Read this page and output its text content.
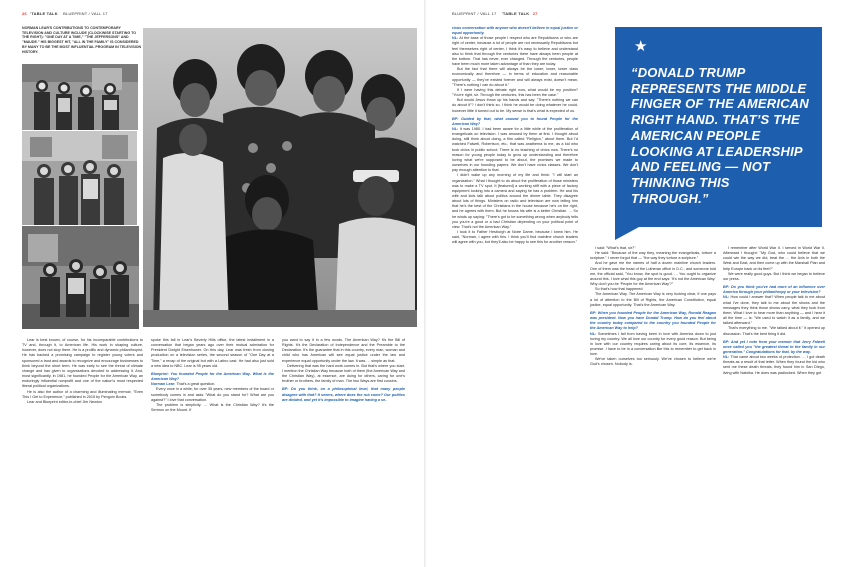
26 'TABLE TALK BLUEPRINT / VALL 17	BLUEPRINT / VALL 17 'TABLE TALK 27

NORMAN LEAR'S CONTRIBUTIONS TO CONTEMPORARY TELEVISION AND CULTURE INCLUDE (CLOCKWISE STARTING TO THE RIGHT): "ONE DAY AT A TIME," "THE JEFFERSONS" AND "MAUDE." HIS BIGGEST HIT, "ALL IN THE FAMILY" IS CONSIDERED BY MANY TO BE THE MOST INFLUENTIAL PROGRAM IN TELEVISION HISTORY.

Lear is best known, of course, for his incomparable contributions to TV and, through it, to American life. His work in shaping culture, however, does not stop there. He is a prolific and dynamic philanthropist. He has backed a promising campaign to register young voters and sponsored a trust and awards to recognize and encourage businesses to think beyond the short term. He was early to see the threat of climate change and has given to organizations devoted to addressing it. And, most significantly, in 1981, he founded People for the American Way, an enduringly influential nonprofit and one of the nation's most respected liberal political organizations.

He is also the author of a charming and illuminating memoir, "Even This I Get to Experience," published in 2015 by Penguin Books.

Lear and Blueprint editor-in-chief Jim Newton

spoke this fall in Lear's Beverly Hills office, the latest installment in a conversation that began years ago over their mutual admiration for President Dwight Eisenhower. On this day, Lear was fresh from closing production on a television series, the second season of "One Day at a Time," a recap of the original but with a Latino cast. He had also just sold a new idea to NBC. Lear is 95 years old.

Blueprint: You founded People for the American Way. What is the American Way?

Norman Lear: That's a great question.

Every once in a while, for over 35 years, new members of the board or somebody comes in and asks "What do you stand for? What are you against?" I love that conversation.

The problem is simplicity. … What is the Christian Way? It's the Sermon on the Mount. If

you want to say it in a few words. The American Way? It's the Bill of Rights. It's the Declaration of Independence and the Preamble to the Declaration. It's the guarantee that in this country, every man, woman and child who has American will see equal justice under the law and experience equal opportunity under the law. It was … simple as that.

Delivering that was the hard work comes in. But that's where you start. I mention the Christian Way because both of them (the American Way and the Christian Way), at essence, are doing for others, caring for one's brother or brothers, the family of man. The two Ways are first cousins.

BP: Do you think, on a philosophical level, that many people disagree with that? It seems, where does the rub come? Our politics are divided, and yet it's impossible to imagine having a se-

rious conversation with anyone who doesn't believe in equal justice or equal opportunity.

NL: At the base of those people I respect who are Republicans or who are right of center, because a lot of people are not necessarily Republicans but feel themselves right of center, I think it's easy to believe and understand also to think that through the centuries there have always been people at the bottom. That has never, ever changed. Through the centuries, people have been much more taken advantage of than they are today.

But the fact that there will always be the lower, lower, lower class economically and therefore — in terms of education and reasonable opportunity — they've existed forever and will always exist, doesn't mean, "There's nothing I can do about it."

If I were having this debate right now, what would be my position? "You're right, sir. Through the centuries, this has been the case."

But would Jesus throw up his hands and say: "There's nothing we can do about it"? I don't think so. I think he would be doing whatever he could, however little it turned out to be. My sense is that's what is expected of us.

BP: Guided by that, what caused you to found People for the American Way?

NL: It was 1980. I had been aware for a little while of the proliferation of evangelicals on television. I was amused by them at first. I thought about doing, still think about doing, a film called "Religion," about them. But I'd watched Falwell, Robertson, etc., that was anathema to me, as a kid who took civics in public school. There is no teaching of civics now. There's no reason for young people today to grow up understanding and therefore loving what we're supposed to be about, the promises we made to ourselves in our founding papers. We don't have civics classes. We don't pay enough attention to that.

I didn't wake up any morning of my life and think: "I will start an organization." What I thought to do about the proliferation of those ministers was to make a TV spot. It [featured] a working stiff with a piece of factory equipment looking into a camera and saying he has a problem. He and his wife and kids talk about politics around the dinner table. They disagree about lots of things. Ministers on radio and television are now telling him that he's the best of the Christians in the house because he's on the right, and he agrees with them. But he knows his wife is a better Christian. … So he winds up saying: "There's got to be something wrong when anybody tells you you're a good or a bad Christian depending on your political point of view. That's not the American Way."

I took it to Father Hesburgh at Notre Dame, because I knew him. He said, "Norman, I agree with this. I think you'll find mainline church leaders will agree with you, but they'll also be happy to see this for another reason."

I said: "What's that, sir?"

He said: "Because of the way they, meaning the evangelicals, torture a scripture." I never forgot that — "the way they torture a scripture."

And he gave me the names of half a dozen mainline church leaders. One of them was the head of the Lutheran office in D.C., and someone told me, the official said, "You know, the spot is good. … You ought to organize around this. I love what this guy at the end says: 'It's not the American Way.' Why don't you be 'People for the American Way'?"

So that's how that happened.

The American Way. The American Way is very fucking clear, if one pays a lot of attention to the Bill of Rights, the American Constitution, equal justice, equal opportunity. That's the American Way.

BP: When you founded People for the American Way, Ronald Reagan was president. Now you have Donald Trump. How do you feel about the country today compared to the country you founded People for the American Way to help?

NL: Sometimes I fall from having been in love with America down to just loving my country. We all love our country for every good reason. But being in love with our country requires caring about its core, its essence, its promise. I have to be in a conversation like this to remember to get back in love.

We've taken ourselves too seriously. We've chosen to believe we're God's chosen. Nobody is.

I remember after World War II. I served in World War II. Afterward I thought: "My God, who could believe that we could win the way we did, beat the … the Axis in both the West and East, and then come up with the Marshall Plan and help Europe back on its feet?"

We were really good guys. But I think we began to believe our press.

BP: Do you think you've had more of an influence over America through your philanthropy or your television?

NL: How could I answer that? When people talk to me about what I've done, they talk to me about the shows and the messages they think those shows carry, what they took from them. What I love to hear more than anything — and I hear it all the time — is: "We used to watch it as a family, and we talked afterward."

That's everything to me. "We talked about it." It opened up discussion. That's the best thing it did.

BP: And yet I note from your memoir that Jerry Falwell once called you "the greatest threat to the family in our generation." Congratulations for that, by the way.

NL: That came about two weeks of protection. … I got death threats as a result of that letter. When they found the kid who sent me these death threats, they found him in San Diego, living with Nafolka. He does was padlocked. When they got

★

“DONALD TRUMP REPRESENTS THE MIDDLE FINGER OF THE AMERICAN RIGHT HAND. THAT’S THE AMERICAN PEOPLE LOOKING AT LEADERSHIP AND FEELING — NOT THINKING THIS THROUGH.”
